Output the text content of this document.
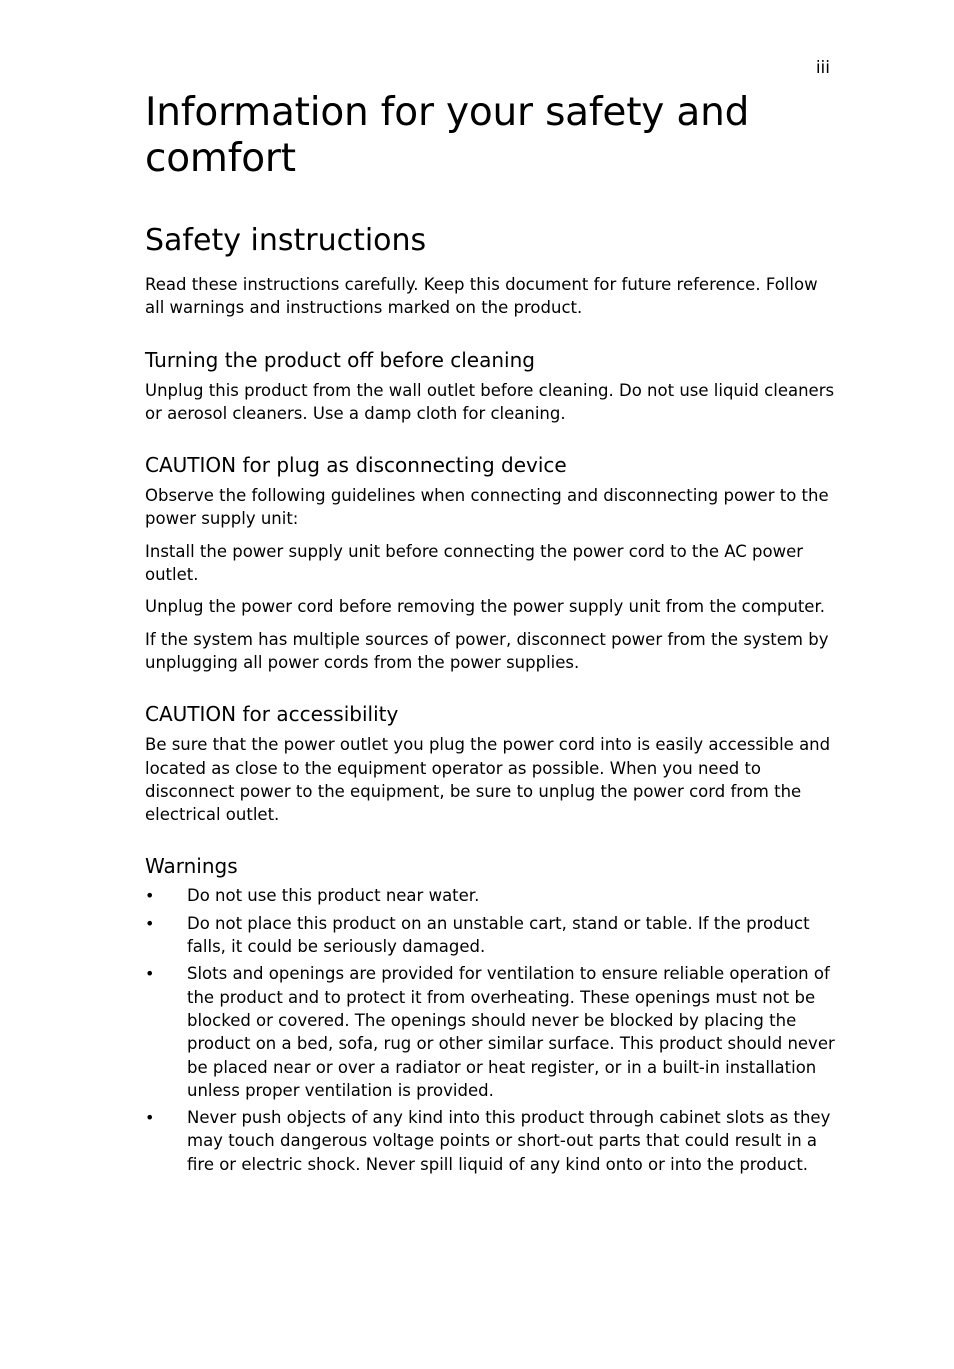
iii
Information for your safety and comfort
Safety instructions

Read these instructions carefully. Keep this document for future reference. Follow all warnings and instructions marked on the product.

Turning the product off before cleaning

Unplug this product from the wall outlet before cleaning. Do not use liquid cleaners or aerosol cleaners. Use a damp cloth for cleaning.

CAUTION for plug as disconnecting device

Observe the following guidelines when connecting and disconnecting power to the power supply unit:

Install the power supply unit before connecting the power cord to the AC power outlet.

Unplug the power cord before removing the power supply unit from the computer.

If the system has multiple sources of power, disconnect power from the system by unplugging all power cords from the power supplies.

CAUTION for accessibility

Be sure that the power outlet you plug the power cord into is easily accessible and located as close to the equipment operator as possible. When you need to disconnect power to the equipment, be sure to unplug the power cord from the electrical outlet.

Warnings
• Do not use this product near water.
• Do not place this product on an unstable cart, stand or table. If the product falls, it could be seriously damaged.
• Slots and openings are provided for ventilation to ensure reliable operation of the product and to protect it from overheating. These openings must not be blocked or covered. The openings should never be blocked by placing the product on a bed, sofa, rug or other similar surface. This product should never be placed near or over a radiator or heat register, or in a built-in installation unless proper ventilation is provided.
• Never push objects of any kind into this product through cabinet slots as they may touch dangerous voltage points or short-out parts that could result in a fire or electric shock. Never spill liquid of any kind onto or into the product.
